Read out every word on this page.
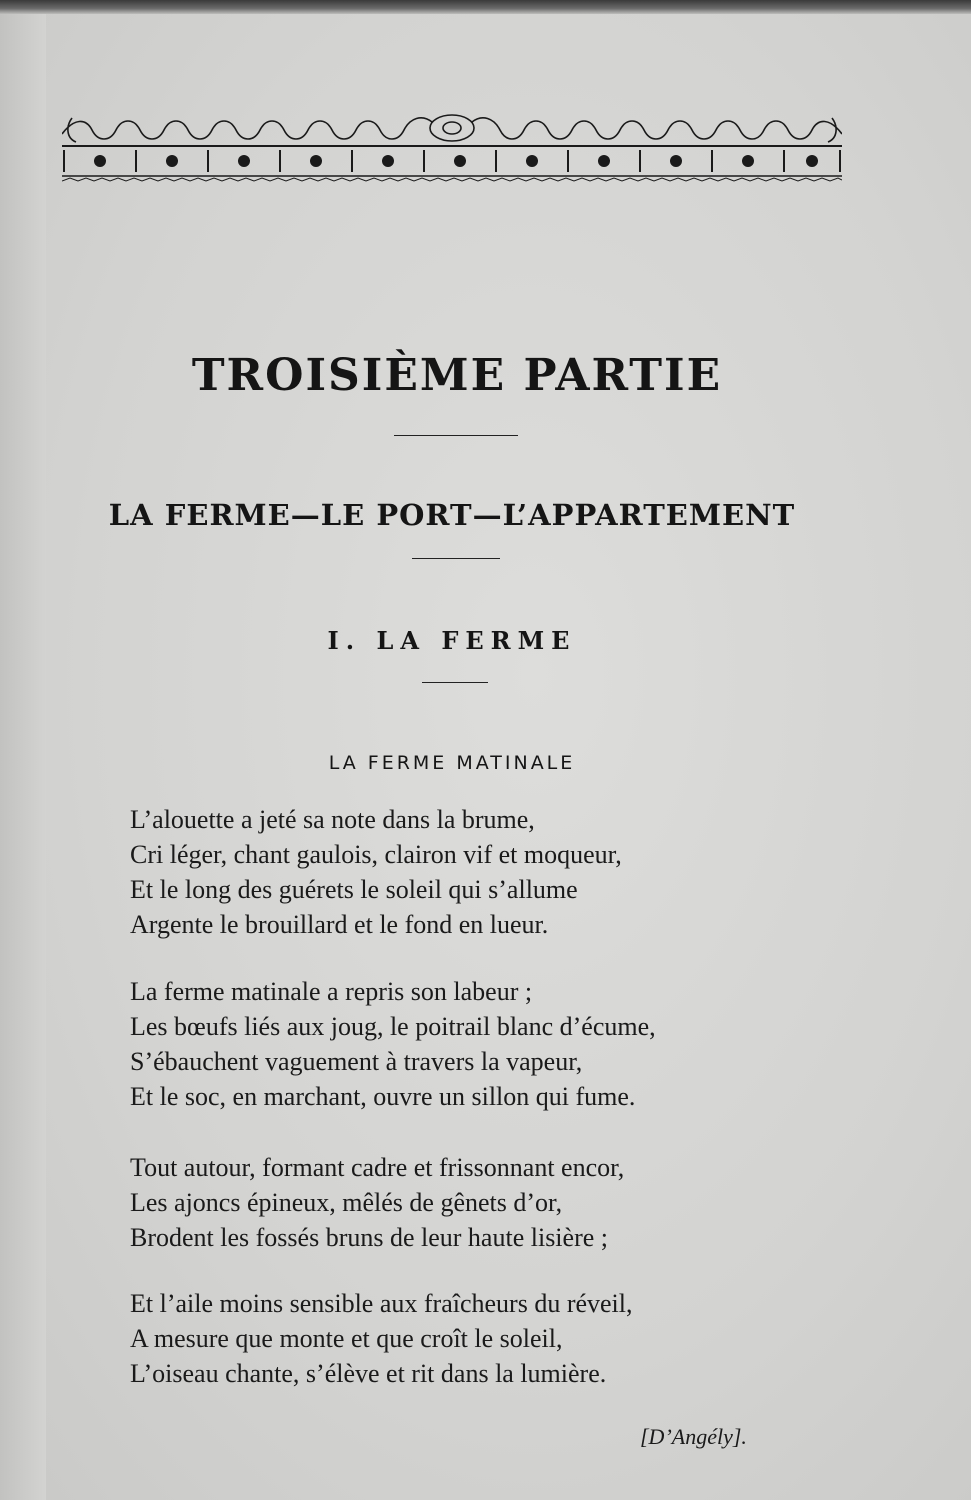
TROISIÈME PARTIE
LA FERME—LE PORT—L’APPARTEMENT
I. LA FERME
LA FERME MATINALE
L’alouette a jeté sa note dans la brume,
Cri léger, chant gaulois, clairon vif et moqueur,
Et le long des guérets le soleil qui s’allume
Argente le brouillard et le fond en lueur.
La ferme matinale a repris son labeur ;
Les bœufs liés aux joug, le poitrail blanc d’écume,
S’ébauchent vaguement à travers la vapeur,
Et le soc, en marchant, ouvre un sillon qui fume.
Tout autour, formant cadre et frissonnant encor,
Les ajoncs épineux, mêlés de gênets d’or,
Brodent les fossés bruns de leur haute lisière ;
Et l’aile moins sensible aux fraîcheurs du réveil,
A mesure que monte et que croît le soleil,
L’oiseau chante, s’élève et rit dans la lumière.
[D’Angély].
